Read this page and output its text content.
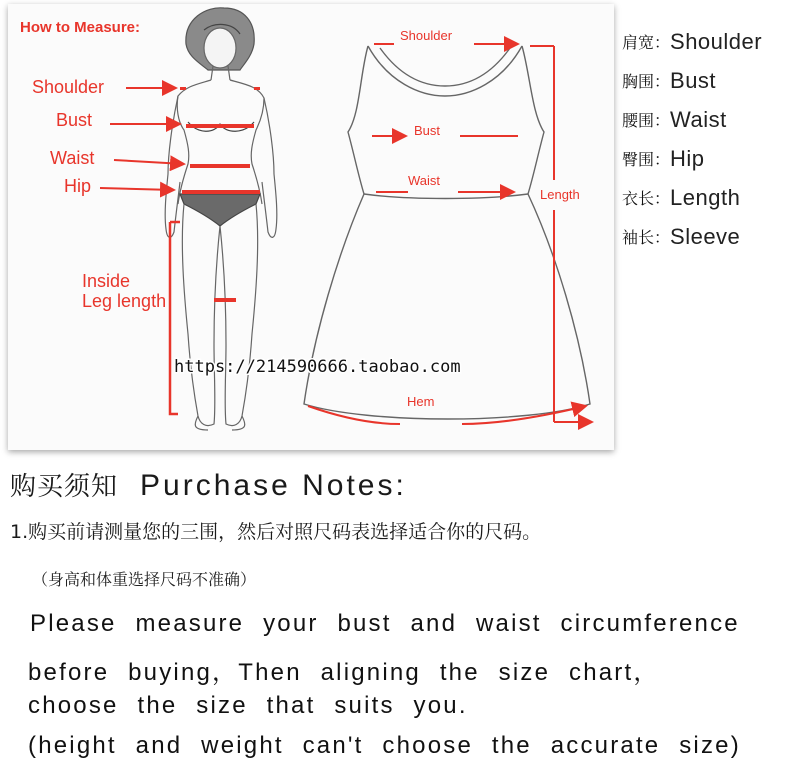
How to Measure:
Shoulder
Bust
Waist
Hip
Inside
Leg length
Shoulder
Bust
Waist
Length
Hem
https://214590666.taobao.com
肩宽： Shoulder
胸围： Bust
腰围： Waist
臀围： Hip
衣长： Length
袖长： Sleeve
购买须知 Purchase Notes:
1.购买前请测量您的三围，然后对照尺码表选择适合你的尺码。
（身高和体重选择尺码不准确）
Please measure your bust and waist circumference
before buying，Then aligning the size chart，
choose the size that suits you.
(height and weight can't choose the accurate size)
